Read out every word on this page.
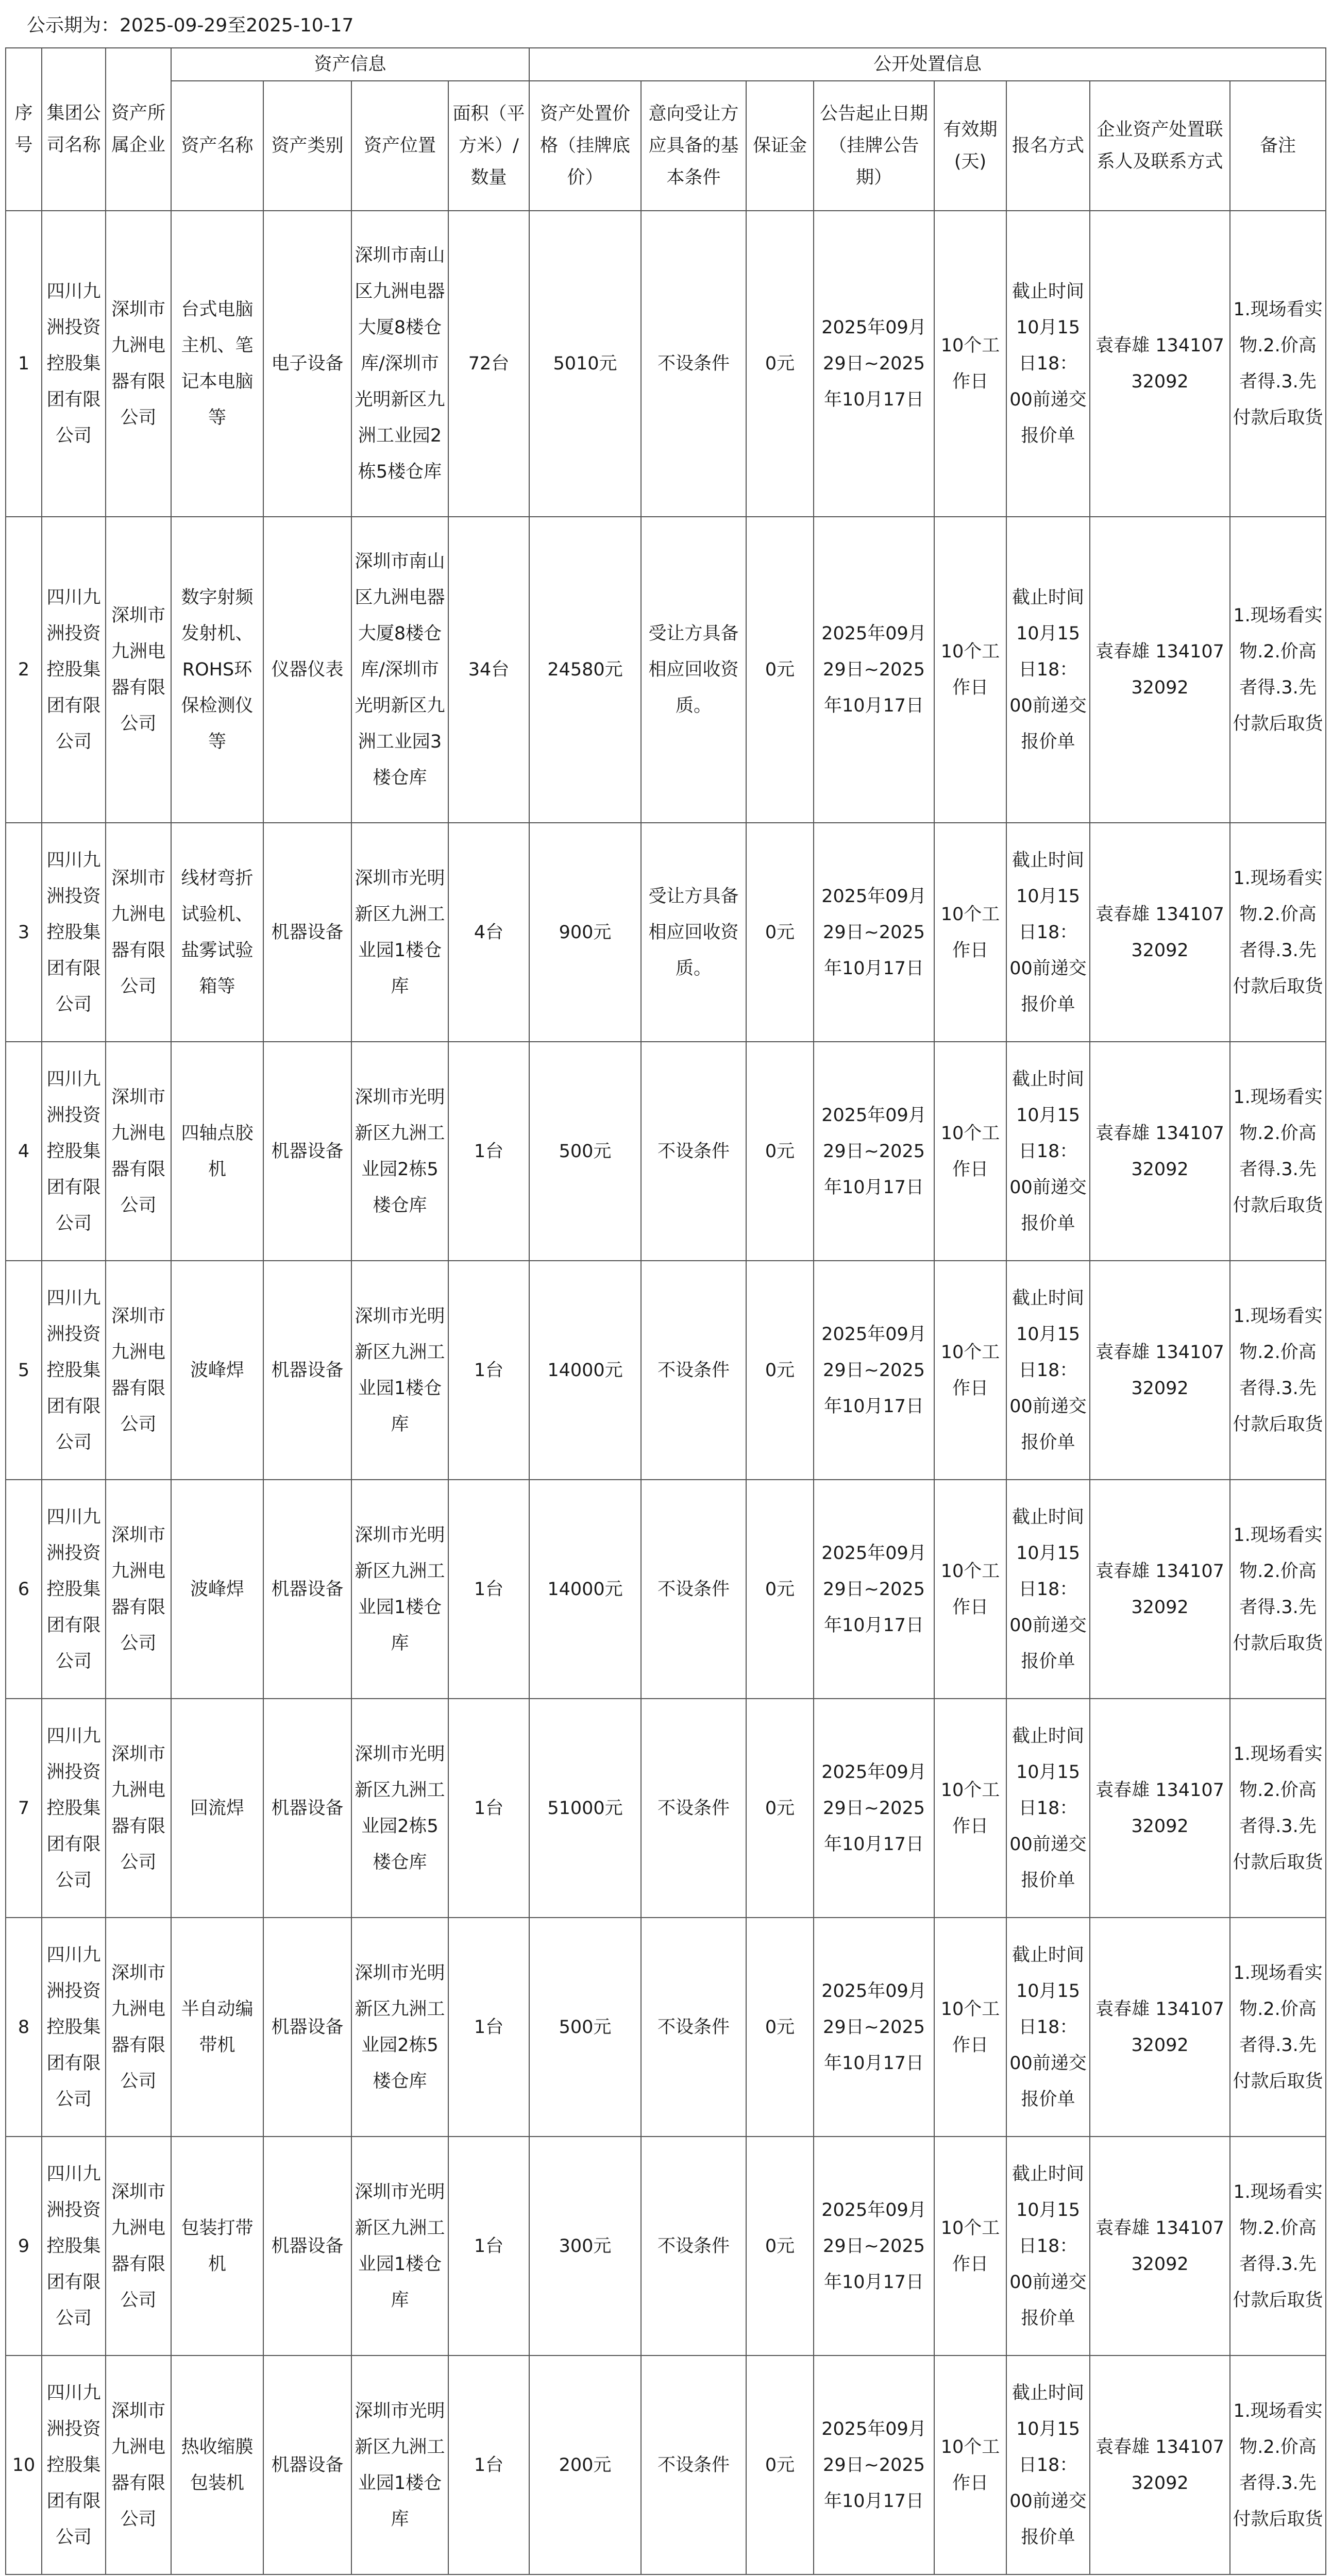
公示期为：2025-09-29至2025-10-17
序号	集团公司名称	资产所属企业	资产信息				公开处置信息							
			资产名称	资产类别	资产位置	面积（平方米）/数量	资产处置价格（挂牌底价）	意向受让方应具备的基本条件	保证金	公告起止日期（挂牌公告期）	有效期(天)	报名方式	企业资产处置联系人及联系方式	备注
1	四川九洲投资控股集团有限公司	深圳市九洲电器有限公司	台式电脑主机、笔记本电脑等	电子设备	深圳市南山区九洲电器大厦8楼仓库/深圳市光明新区九洲工业园2栋5楼仓库	72台	5010元	不设条件	0元	2025年09月29日~2025年10月17日	10个工作日	截止时间10月15日18：00前递交报价单	袁春雄 13410732092	1.现场看实物.2.价高者得.3.先付款后取货
2	四川九洲投资控股集团有限公司	深圳市九洲电器有限公司	数字射频发射机、ROHS环保检测仪等	仪器仪表	深圳市南山区九洲电器大厦8楼仓库/深圳市光明新区九洲工业园3楼仓库	34台	24580元	受让方具备相应回收资质。	0元	2025年09月29日~2025年10月17日	10个工作日	截止时间10月15日18：00前递交报价单	袁春雄 13410732092	1.现场看实物.2.价高者得.3.先付款后取货
3	四川九洲投资控股集团有限公司	深圳市九洲电器有限公司	线材弯折试验机、盐雾试验箱等	机器设备	深圳市光明新区九洲工业园1楼仓库	4台	900元	受让方具备相应回收资质。	0元	2025年09月29日~2025年10月17日	10个工作日	截止时间10月15日18：00前递交报价单	袁春雄 13410732092	1.现场看实物.2.价高者得.3.先付款后取货
4	四川九洲投资控股集团有限公司	深圳市九洲电器有限公司	四轴点胶机	机器设备	深圳市光明新区九洲工业园2栋5楼仓库	1台	500元	不设条件	0元	2025年09月29日~2025年10月17日	10个工作日	截止时间10月15日18：00前递交报价单	袁春雄 13410732092	1.现场看实物.2.价高者得.3.先付款后取货
5	四川九洲投资控股集团有限公司	深圳市九洲电器有限公司	波峰焊	机器设备	深圳市光明新区九洲工业园1楼仓库	1台	14000元	不设条件	0元	2025年09月29日~2025年10月17日	10个工作日	截止时间10月15日18：00前递交报价单	袁春雄 13410732092	1.现场看实物.2.价高者得.3.先付款后取货
6	四川九洲投资控股集团有限公司	深圳市九洲电器有限公司	波峰焊	机器设备	深圳市光明新区九洲工业园1楼仓库	1台	14000元	不设条件	0元	2025年09月29日~2025年10月17日	10个工作日	截止时间10月15日18：00前递交报价单	袁春雄 13410732092	1.现场看实物.2.价高者得.3.先付款后取货
7	四川九洲投资控股集团有限公司	深圳市九洲电器有限公司	回流焊	机器设备	深圳市光明新区九洲工业园2栋5楼仓库	1台	51000元	不设条件	0元	2025年09月29日~2025年10月17日	10个工作日	截止时间10月15日18：00前递交报价单	袁春雄 13410732092	1.现场看实物.2.价高者得.3.先付款后取货
8	四川九洲投资控股集团有限公司	深圳市九洲电器有限公司	半自动编带机	机器设备	深圳市光明新区九洲工业园2栋5楼仓库	1台	500元	不设条件	0元	2025年09月29日~2025年10月17日	10个工作日	截止时间10月15日18：00前递交报价单	袁春雄 13410732092	1.现场看实物.2.价高者得.3.先付款后取货
9	四川九洲投资控股集团有限公司	深圳市九洲电器有限公司	包装打带机	机器设备	深圳市光明新区九洲工业园1楼仓库	1台	300元	不设条件	0元	2025年09月29日~2025年10月17日	10个工作日	截止时间10月15日18：00前递交报价单	袁春雄 13410732092	1.现场看实物.2.价高者得.3.先付款后取货
10	四川九洲投资控股集团有限公司	深圳市九洲电器有限公司	热收缩膜包装机	机器设备	深圳市光明新区九洲工业园1楼仓库	1台	200元	不设条件	0元	2025年09月29日~2025年10月17日	10个工作日	截止时间10月15日18：00前递交报价单	袁春雄 13410732092	1.现场看实物.2.价高者得.3.先付款后取货
